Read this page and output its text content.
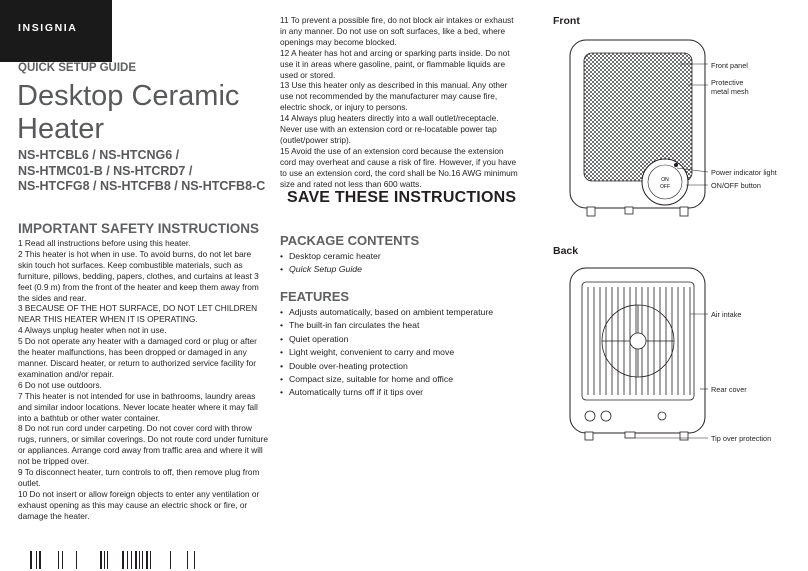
INSIGNIA
QUICK SETUP GUIDE
Desktop Ceramic Heater
NS-HTCBL6 / NS-HTCNG6 /
NS-HTMC01-B / NS-HTCRD7 /
NS-HTCFG8 / NS-HTCFB8 / NS-HTCFB8-C
IMPORTANT SAFETY INSTRUCTIONS
1 Read all instructions before using this heater.
2 This heater is hot when in use. To avoid burns, do not let bare skin touch hot surfaces. Keep combustible materials, such as furniture, pillows, bedding, papers, clothes, and curtains at least 3 feet (0.9 m) from the front of the heater and keep them away from the sides and rear.
3 BECAUSE OF THE HOT SURFACE, DO NOT LET CHILDREN NEAR THIS HEATER WHEN IT IS OPERATING.
4 Always unplug heater when not in use.
5 Do not operate any heater with a damaged cord or plug or after the heater malfunctions, has been dropped or damaged in any manner. Discard heater, or return to authorized service facility for examination and/or repair.
6 Do not use outdoors.
7 This heater is not intended for use in bathrooms, laundry areas and similar indoor locations. Never locate heater where it may fall into a bathtub or other water container.
8 Do not run cord under carpeting. Do not cover cord with throw rugs, runners, or similar coverings. Do not route cord under furniture or appliances. Arrange cord away from traffic area and where it will not be tripped over.
9 To disconnect heater, turn controls to off, then remove plug from outlet.
10 Do not insert or allow foreign objects to enter any ventilation or exhaust opening as this may cause an electric shock or fire, or damage the heater.
11 To prevent a possible fire, do not block air intakes or exhaust in any manner. Do not use on soft surfaces, like a bed, where openings may become blocked.
12 A heater has hot and arcing or sparking parts inside. Do not use it in areas where gasoline, paint, or flammable liquids are used or stored.
13 Use this heater only as described in this manual. Any other use not recommended by the manufacturer may cause fire, electric shock, or injury to persons.
14 Always plug heaters directly into a wall outlet/receptacle. Never use with an extension cord or re-locatable power tap (outlet/power strip).
15 Avoid the use of an extension cord because the extension cord may overheat and cause a risk of fire. However, if you have to use an extension cord, the cord shall be No.16 AWG minimum size and rated not less than 600 watts.
SAVE THESE INSTRUCTIONS
PACKAGE CONTENTS
• Desktop ceramic heater
• Quick Setup Guide
FEATURES
• Adjusts automatically, based on ambient temperature
• The built-in fan circulates the heat
• Quiet operation
• Light weight, convenient to carry and move
• Double over-heating protection
• Compact size, suitable for home and office
• Automatically turns off if it tips over
Front
Back
ON
OFF
Front panel
Protective
metal mesh
Power indicator light
ON/OFF button
Air intake
Rear cover
Tip over protection
